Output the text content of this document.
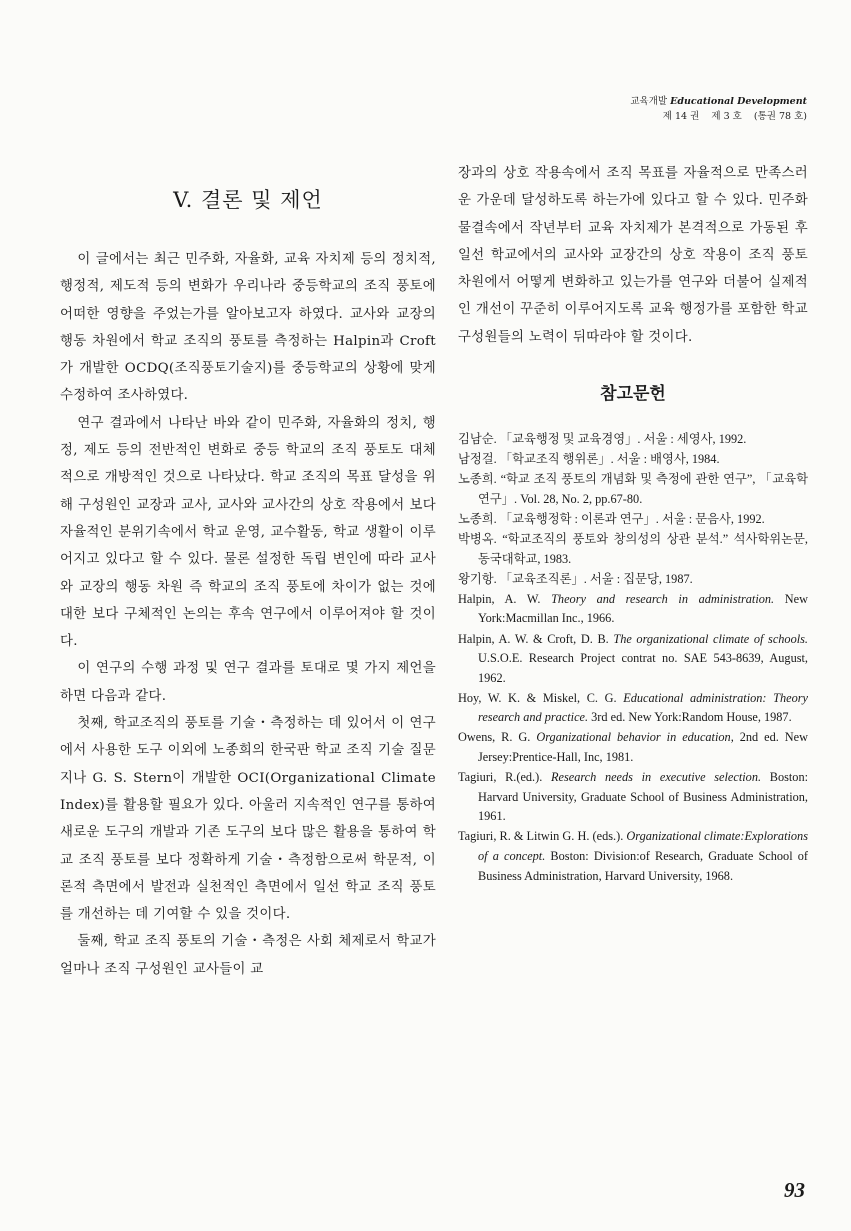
교육개발 Educational Development
제 14 권 제 3 호 (통권 78 호)
V. 결론 및 제언

이 글에서는 최근 민주화, 자율화, 교육 자치제 등의 정치적, 행정적, 제도적 등의 변화가 우리나라 중등학교의 조직 풍토에 어떠한 영향을 주었는가를 알아보고자 하였다. 교사와 교장의 행동 차원에서 학교 조직의 풍토를 측정하는 Halpin과 Croft가 개발한 OCDQ(조직풍토기술지)를 중등학교의 상황에 맞게 수정하여 조사하였다.

연구 결과에서 나타난 바와 같이 민주화, 자율화의 정치, 행정, 제도 등의 전반적인 변화로 중등 학교의 조직 풍토도 대체적으로 개방적인 것으로 나타났다. 학교 조직의 목표 달성을 위해 구성원인 교장과 교사, 교사와 교사간의 상호 작용에서 보다 자율적인 분위기속에서 학교 운영, 교수활동, 학교 생활이 이루어지고 있다고 할 수 있다. 물론 설정한 독립 변인에 따라 교사와 교장의 행동 차원 즉 학교의 조직 풍토에 차이가 없는 것에 대한 보다 구체적인 논의는 후속 연구에서 이루어져야 할 것이다.

이 연구의 수행 과정 및 연구 결과를 토대로 몇 가지 제언을 하면 다음과 같다.

첫째, 학교조직의 풍토를 기술・측정하는 데 있어서 이 연구에서 사용한 도구 이외에 노종희의 한국판 학교 조직 기술 질문지나 G. S. Stern이 개발한 OCI(Organizational Climate Index)를 활용할 필요가 있다. 아울러 지속적인 연구를 통하여 새로운 도구의 개발과 기존 도구의 보다 많은 활용을 통하여 학교 조직 풍토를 보다 정확하게 기술・측정함으로써 학문적, 이론적 측면에서 발전과 실천적인 측면에서 일선 학교 조직 풍토를 개선하는 데 기여할 수 있을 것이다.

둘째, 학교 조직 풍토의 기술・측정은 사회 체제로서 학교가 얼마나 조직 구성원인 교사들이 교

장과의 상호 작용속에서 조직 목표를 자율적으로 만족스러운 가운데 달성하도록 하는가에 있다고 할 수 있다. 민주화 물결속에서 작년부터 교육 자치제가 본격적으로 가동된 후 일선 학교에서의 교사와 교장간의 상호 작용이 조직 풍토 차원에서 어떻게 변화하고 있는가를 연구와 더불어 실제적인 개선이 꾸준히 이루어지도록 교육 행정가를 포함한 학교 구성원들의 노력이 뒤따라야 할 것이다.

참고문헌

김남순. 「교육행정 및 교육경영」. 서울 : 세영사, 1992.

남정걸. 「학교조직 행위론」. 서울 : 배영사, 1984.

노종희. “학교 조직 풍토의 개념화 및 측정에 관한 연구”, 「교육학연구」. Vol. 28, No. 2, pp.67-80.

노종희. 「교육행정학 : 이론과 연구」. 서울 : 문음사, 1992.

박병옥. “학교조직의 풍토와 창의성의 상관 분석.” 석사학위논문, 동국대학교, 1983.

왕기항. 「교육조직론」. 서울 : 집문당, 1987.

Halpin, A. W. Theory and research in administration. New York:Macmillan Inc., 1966.

Halpin, A. W. & Croft, D. B. The organizational climate of schools. U.S.O.E. Research Project contrat no. SAE 543-8639, August, 1962.

Hoy, W. K. & Miskel, C. G. Educational administration: Theory research and practice. 3rd ed. New York:Random House, 1987.

Owens, R. G. Organizational behavior in education, 2nd ed. New Jersey:Prentice-Hall, Inc, 1981.

Tagiuri, R.(ed.). Research needs in executive selection. Boston: Harvard University, Graduate School of Business Administration, 1961.

Tagiuri, R. & Litwin G. H. (eds.). Organizational climate:Explorations of a concept. Boston: Division:of Research, Graduate School of Business Administration, Harvard University, 1968.

93
